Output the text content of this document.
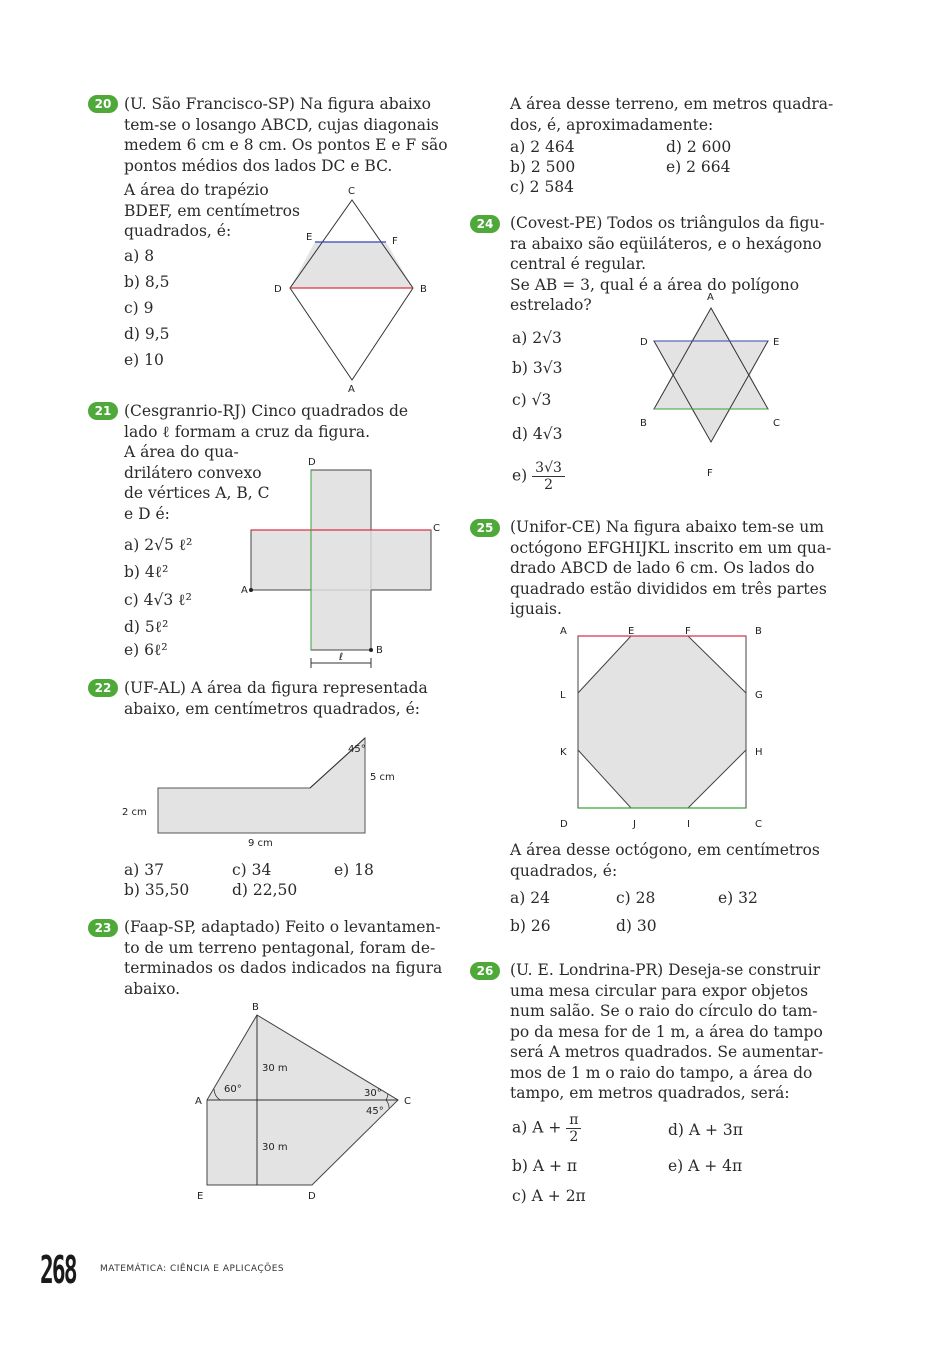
20 (U. São Francisco-SP) Na figura abaixo
tem-se o losango ABCD, cujas diagonais
medem 6 cm e 8 cm. Os pontos E e F são
pontos médios dos lados DC e BC.
A área do trapézio
BDEF, em centímetros
quadrados, é:
a) 8
b) 8,5
c) 9
d) 9,5
e) 10
C
E	F
D	B
A
21 (Cesgranrio-RJ) Cinco quadrados de
lado ℓ formam a cruz da figura.
A área do qua-
drilátero convexo
de vértices A, B, C
e D é:
a) 2√5 ℓ²
b) 4ℓ²
c) 4√3 ℓ²
d) 5ℓ²
e) 6ℓ²
D
C
A
B
ℓ
22 (UF-AL) A área da figura representada
abaixo, em centímetros quadrados, é:
45°
5 cm
2 cm
9 cm
a) 37
b) 35,50
c) 34
d) 22,50
e) 18
23 (Faap-SP, adaptado) Feito o levantamen-
to de um terreno pentagonal, foram de-
terminados os dados indicados na figura
abaixo.
B
A	C
E	D
30 m
30 m
60°	30°
45°
A área desse terreno, em metros quadra-
dos, é, aproximadamente:
a) 2 464
b) 2 500
c) 2 584
d) 2 600
e) 2 664
24	(Covest-PE) Todos os triângulos da figu-
ra abaixo são eqüiláteros, e o hexágono
central é regular.
Se AB = 3, qual é a área do polígono
estrelado?
a) 2√3
b) 3√3
c) √3
d) 4√3
$e) \frac{3√3}{2}$
A
D	E
B	C
F
25	(Unifor-CE) Na figura abaixo tem-se um
octógono EFGHIJKL inscrito em um qua-
drado ABCD de lado 6 cm. Os lados do
quadrado estão divididos em três partes
iguais.
A	E	F	B
L	G
K	H
D	J	I	C
A área desse octógono, em centímetros
quadrados, é:
a) 24
b) 26
c) 28
d) 30
e) 32
26	(U. E. Londrina-PR) Deseja-se construir
uma mesa circular para expor objetos
num salão. Se o raio do círculo do tam-
po da mesa for de 1 m, a área do tampo
será A metros quadrados. Se aumentar-
mos de 1 m o raio do tampo, a área do
tampo, em metros quadrados, será:
a) $A + \frac{\pi}{2}$
b) A + π
c) A + 2π
d) A + 3π
e) A + 4π
268	MATEMÁTICA: CIÊNCIA E APLICAÇÕES
